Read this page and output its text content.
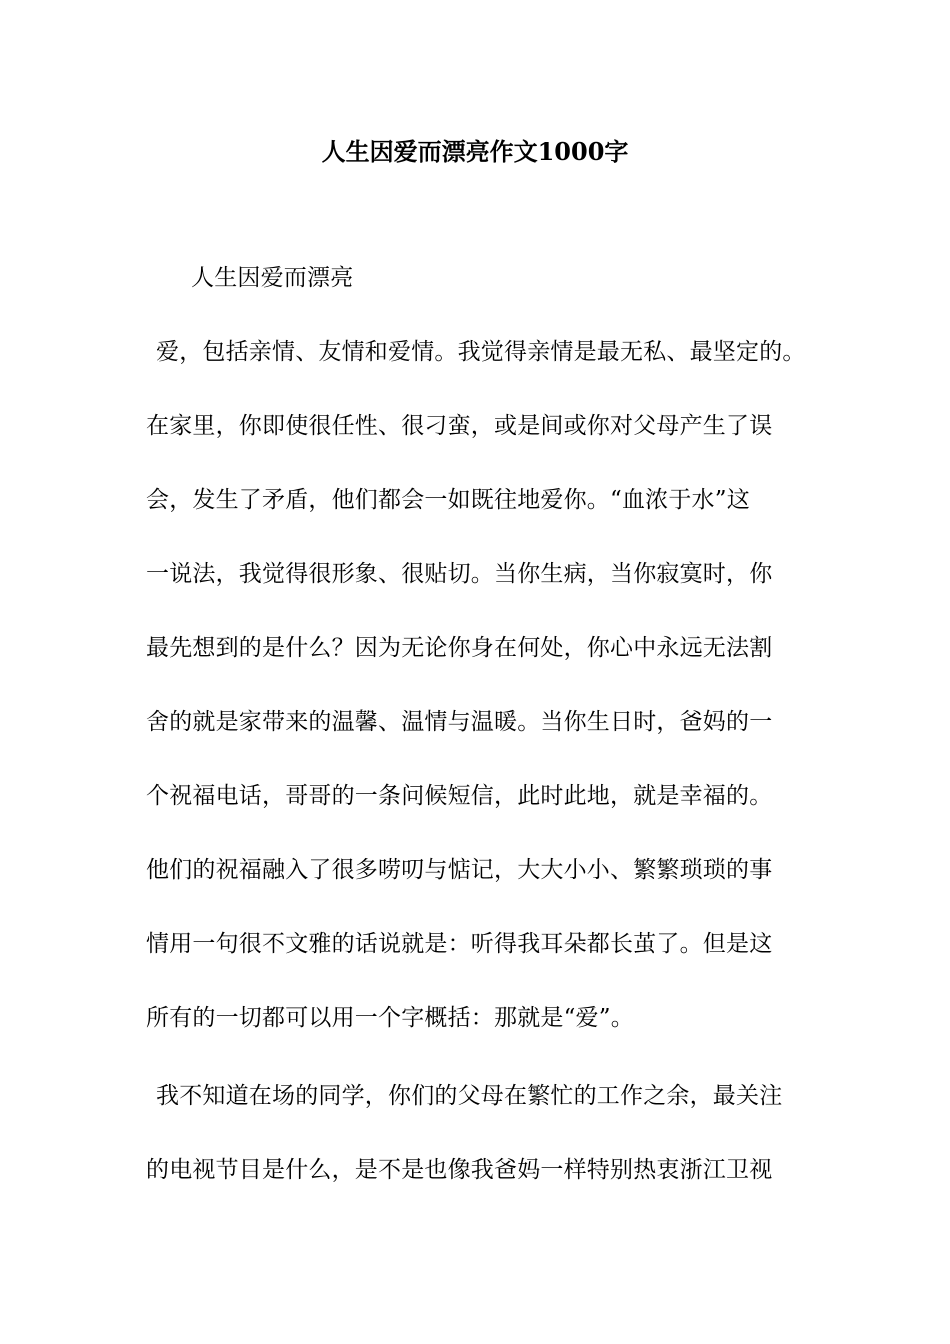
人生因爱而漂亮作文1000字
人生因爱而漂亮
爱，包括亲情、友情和爱情。我觉得亲情是最无私、最坚定的。
在家里，你即使很任性、很刁蛮，或是间或你对父母产生了误
会，发生了矛盾，他们都会一如既往地爱你。“血浓于水”这
一说法，我觉得很形象、很贴切。当你生病，当你寂寞时，你
最先想到的是什么？因为无论你身在何处，你心中永远无法割
舍的就是家带来的温馨、温情与温暖。当你生日时，爸妈的一
个祝福电话，哥哥的一条问候短信，此时此地，就是幸福的。
他们的祝福融入了很多唠叨与惦记，大大小小、繁繁琐琐的事
情用一句很不文雅的话说就是：听得我耳朵都长茧了。但是这
所有的一切都可以用一个字概括：那就是“爱”。
我不知道在场的同学，你们的父母在繁忙的工作之余，最关注
的电视节目是什么，是不是也像我爸妈一样特别热衷浙江卫视
